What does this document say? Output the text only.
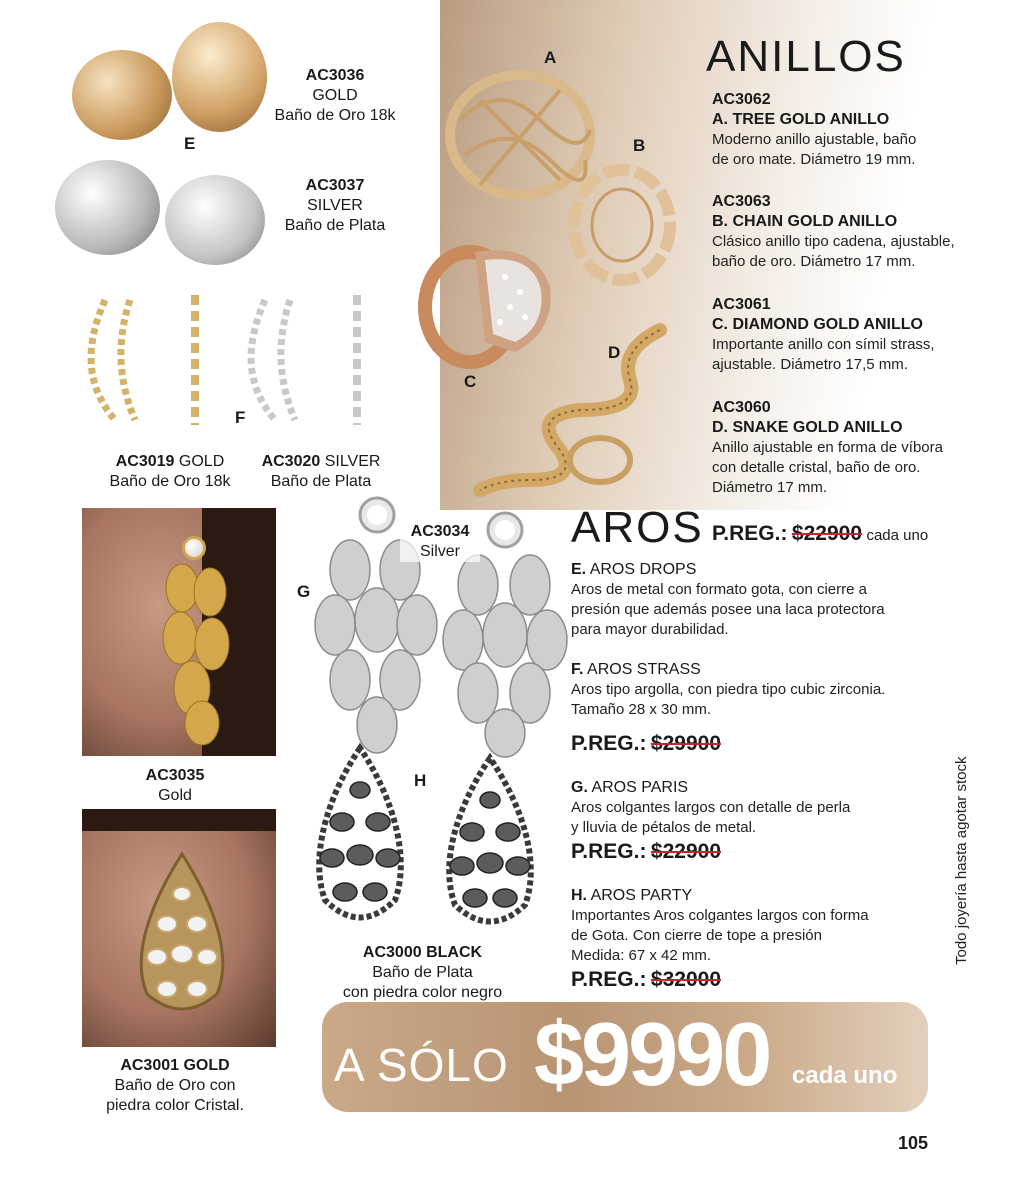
AC3036
GOLD
Baño de Oro 18k
E
AC3037
SILVER
Baño de Plata
F
AC3019 GOLD
Baño de Oro 18k
AC3020 SILVER
Baño de Plata
A
B
C
D
ANILLOS
AC3062
A. TREE GOLD ANILLO
Moderno anillo ajustable, baño
de oro mate. Diámetro 19 mm.
AC3063
B. CHAIN GOLD ANILLO
Clásico anillo tipo cadena, ajustable,
baño de oro. Diámetro 17 mm.
AC3061
C. DIAMOND GOLD ANILLO
Importante anillo con símil strass,
ajustable. Diámetro 17,5 mm.
AC3060
D. SNAKE GOLD ANILLO
Anillo ajustable en forma de víbora
con detalle cristal, baño de oro.
Diámetro 17 mm.
AC3035
Gold
AC3001 GOLD
Baño de Oro con
piedra color Cristal.
G
AC3034
Silver
H
AC3000 BLACK
Baño de Plata
con piedra color negro
AROS P.REG.: $22900 cada uno
E. AROS DROPS
Aros de metal con formato gota, con cierre a
presión que además posee una laca protectora
para mayor durabilidad.
F. AROS STRASS
Aros tipo argolla, con piedra tipo cubic zirconia.
Tamaño 28 x 30 mm.
P.REG.: $29900
G. AROS PARIS
Aros colgantes largos con detalle de perla
y lluvia de pétalos de metal.
P.REG.: $22900
H. AROS PARTY
Importantes Aros colgantes largos con forma
de Gota. Con cierre de tope a presión
Medida: 67 x 42 mm.
P.REG.: $32000
A SÓLO $9990 cada uno
Todo joyería hasta agotar stock
105
